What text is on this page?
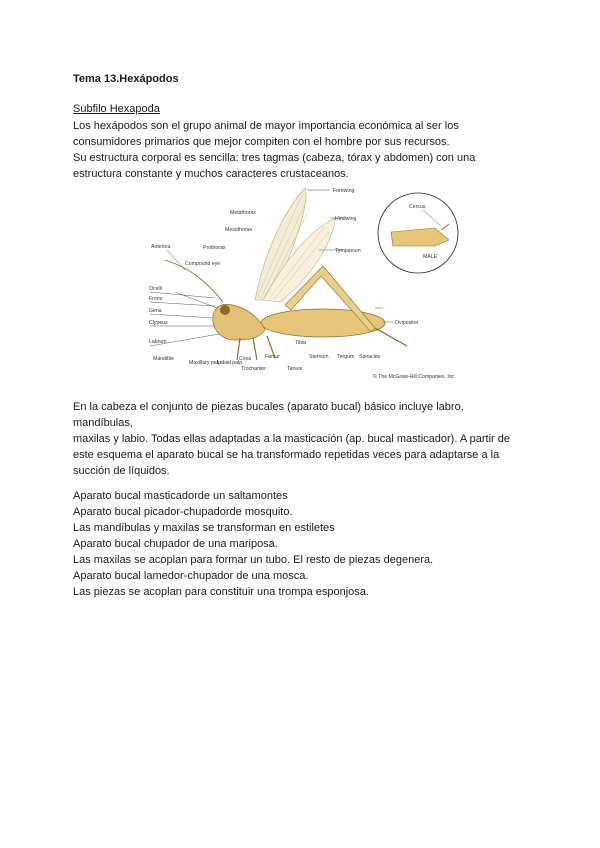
Tema 13.Hexápodos
Subfilo Hexapoda
Los hexápodos son el grupo animal de mayor importancia económica al ser los
consumidores primarios que mejor compiten con el hombre por sus recursos.
Su estructura corporal es sencilla: tres tagmas (cabeza, tórax y abdomen) con una
estructura constante y muchos caracteres crustaceanos.
Forewing
Hindwing
Metathorax
Mesothorax
Prothorax
Antenna
Compound eye
Ocelli
Frons
Gena
Clypeus
Labrum
Mandible
Maxillary palp
Labial palp
Coxa
Trochanter
Femur
Tibia
Tarsus
Sternum Tergum Spiracles
Tympanum
Ovipositor
Cercus
MALE
© The McGraw-Hill Companies, Inc.
En la cabeza el conjunto de piezas bucales (aparato bucal) básico incluye labro,
mandíbulas,
maxilas y labio. Todas ellas adaptadas a la masticación (ap. bucal masticador). A partir de
este esquema el aparato bucal se ha transformado repetidas veces para adaptarse a la
succión de líquidos.
Aparato bucal masticadorde un saltamontes
Aparato bucal picador-chupadorde mosquito.
Las mandíbulas y maxilas se transforman en estiletes
Aparato bucal chupador de una mariposa.
Las maxilas se acoplan para formar un tubo. El resto de piezas degenera.
Aparato bucal lamedor-chupador de una mosca.
Las piezas se acoplan para constituir una trompa esponjosa.
